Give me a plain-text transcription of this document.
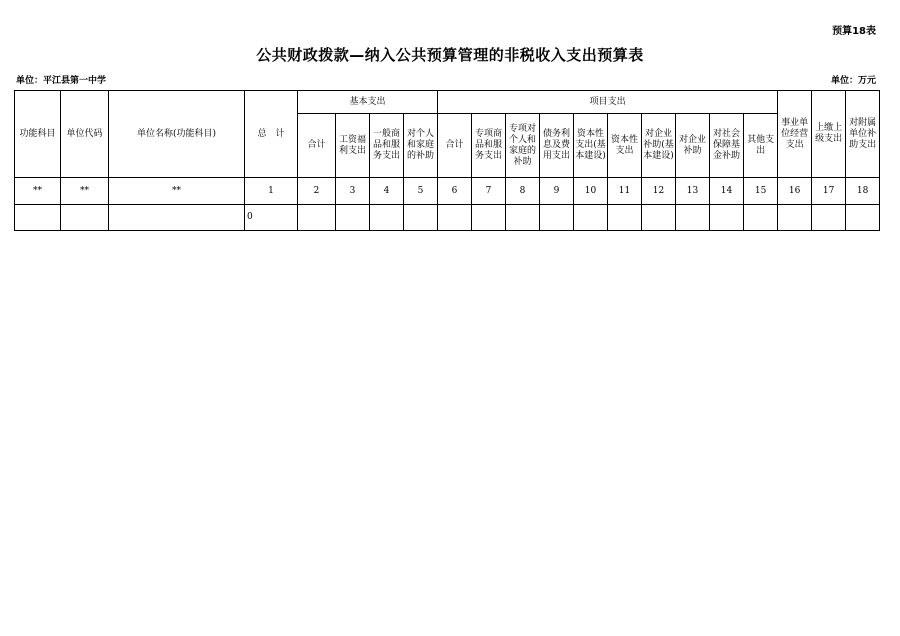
预算18表
公共财政拨款—纳入公共预算管理的非税收入支出预算表
单位：平江县第一中学	单位：万元
功能科目	单位代码	单位名称(功能科目)	总　计	基本支出				项目支出										事业单位经营支出	上缴上级支出	对附属单位补助支出
				合计	工资福利支出	一般商品和服务支出	对个人和家庭的补助	合计	专项商品和服务支出	专项对个人和家庭的补助	债务利息及费用支出	资本性支出(基本建设)	资本性支出	对企业补助(基本建设)	对企业补助	对社会保障基金补助	其他支出			
**	**	**	1	2	3	4	5	6	7	8	9	10	11	12	13	14	15	16	17	18
			0																	
